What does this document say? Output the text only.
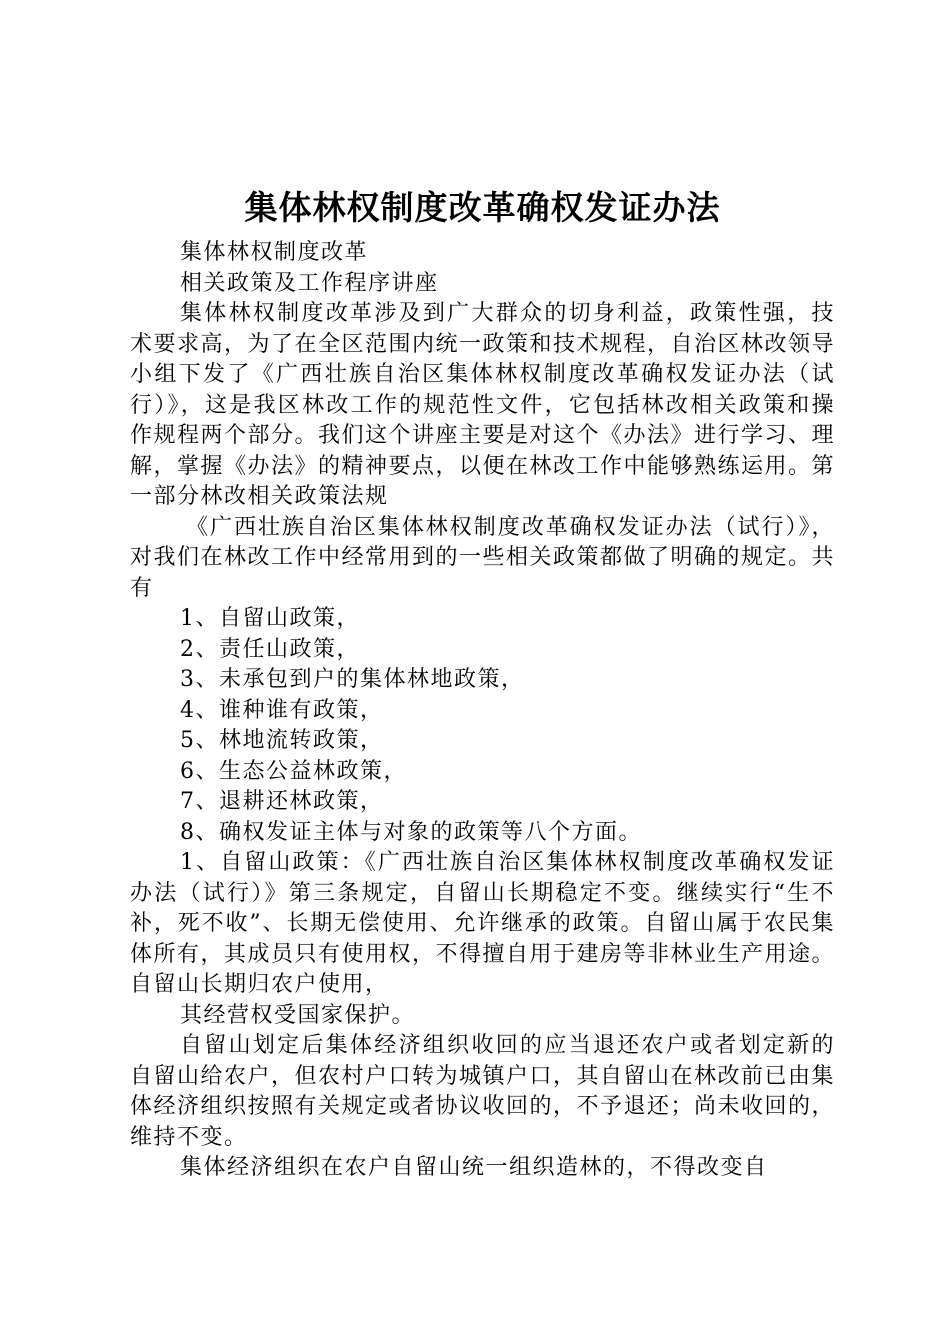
集体林权制度改革确权发证办法

集体林权制度改革

相关政策及工作程序讲座

集体林权制度改革涉及到广大群众的切身利益，政策性强，技术要求高，为了在全区范围内统一政策和技术规程，自治区林改领导小组下发了《广西壮族自治区集体林权制度改革确权发证办法（试行）》，这是我区林改工作的规范性文件，它包括林改相关政策和操作规程两个部分。我们这个讲座主要是对这个《办法》进行学习、理解，掌握《办法》的精神要点，以便在林改工作中能够熟练运用。第一部分林改相关政策法规

《广西壮族自治区集体林权制度改革确权发证办法（试行）》，对我们在林改工作中经常用到的一些相关政策都做了明确的规定。共有

1、自留山政策，

2、责任山政策，

3、未承包到户的集体林地政策，

4、谁种谁有政策，

5、林地流转政策，

6、生态公益林政策，

7、退耕还林政策，

8、确权发证主体与对象的政策等八个方面。

1、自留山政策：《广西壮族自治区集体林权制度改革确权发证办法（试行）》第三条规定，自留山长期稳定不变。继续实行“生不补，死不收”、长期无偿使用、允许继承的政策。自留山属于农民集体所有，其成员只有使用权，不得擅自用于建房等非林业生产用途。自留山长期归农户使用，

其经营权受国家保护。

自留山划定后集体经济组织收回的应当退还农户或者划定新的自留山给农户，但农村户口转为城镇户口，其自留山在林改前已由集体经济组织按照有关规定或者协议收回的，不予退还；尚未收回的，维持不变。

集体经济组织在农户自留山统一组织造林的，不得改变自
